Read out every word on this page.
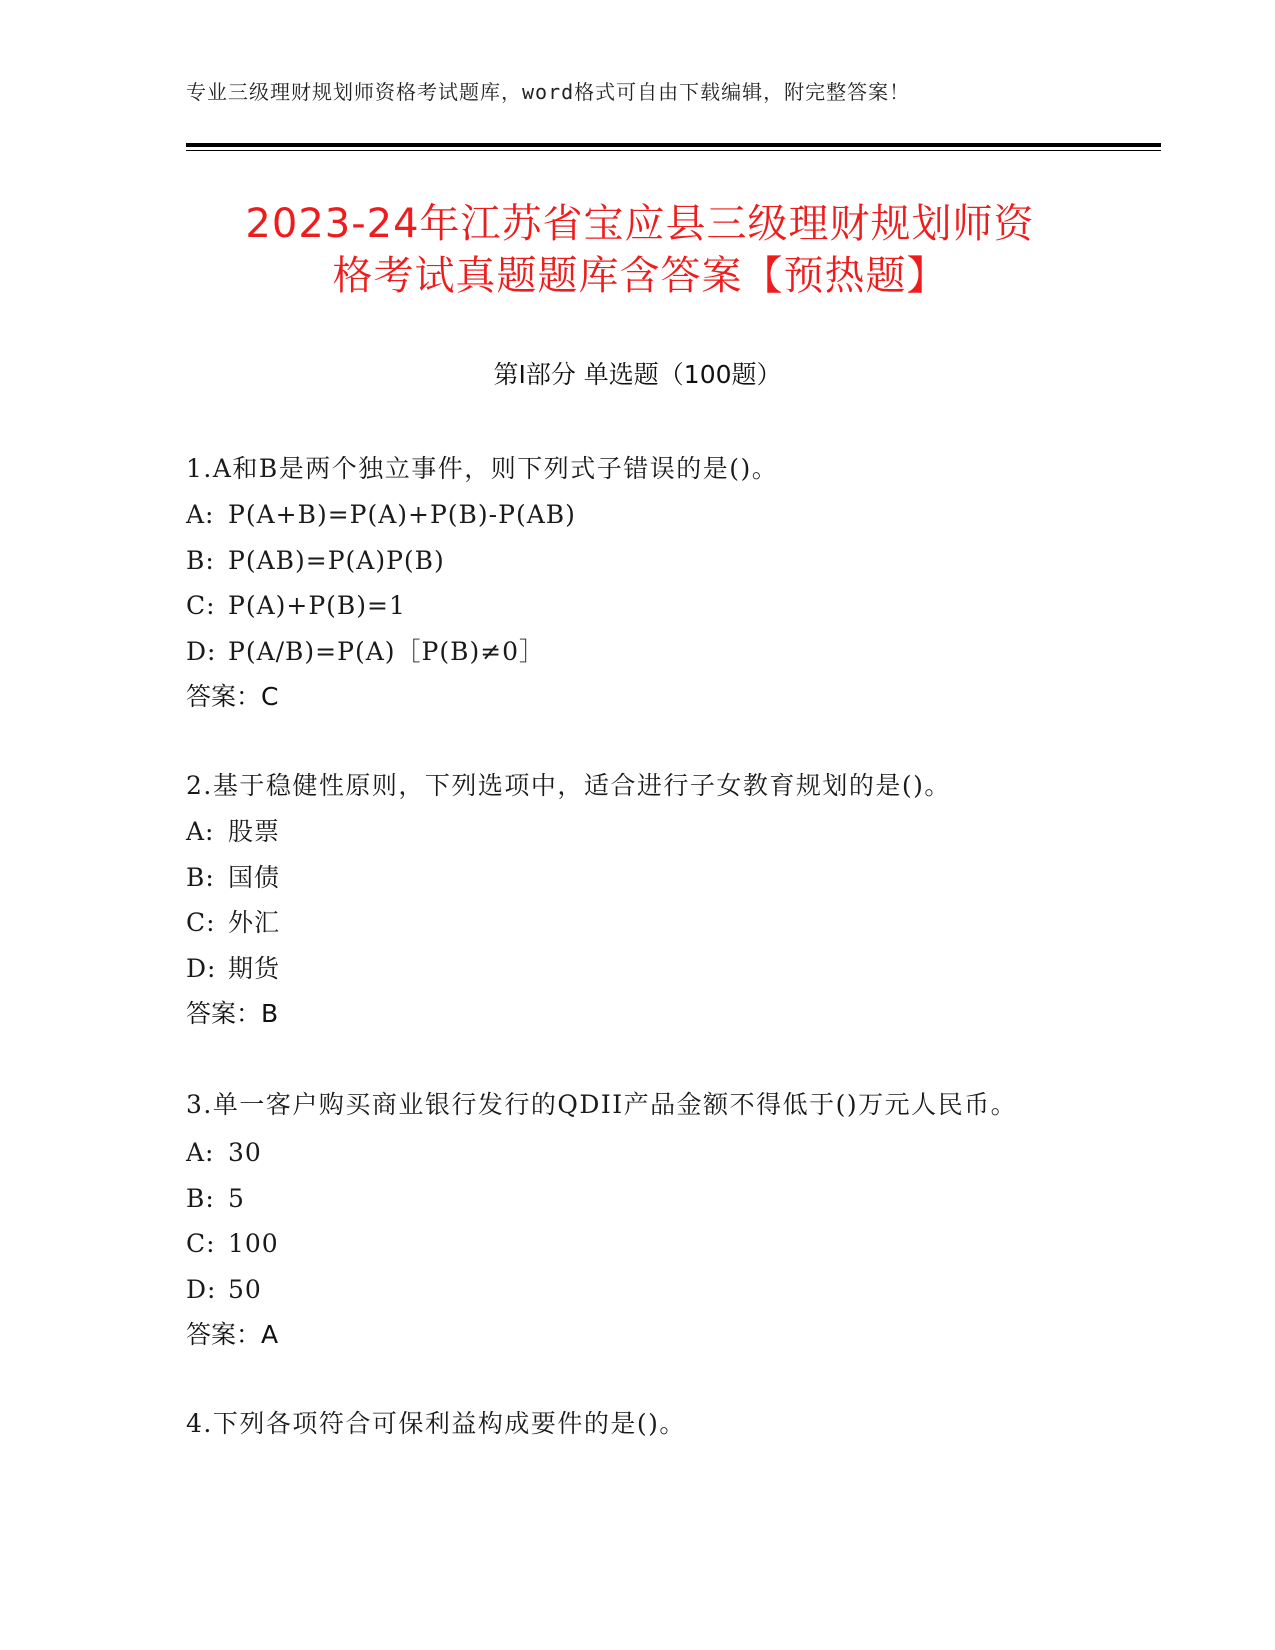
专业三级理财规划师资格考试题库，word格式可自由下载编辑，附完整答案！
2023-24年江苏省宝应县三级理财规划师资
格考试真题题库含答案【预热题】
第Ⅰ部分 单选题（100题）
1.A和B是两个独立事件，则下列式子错误的是()。
A: P(A+B)=P(A)+P(B)-P(AB)
B: P(AB)=P(A)P(B)
C: P(A)+P(B)=1
D: P(A/B)=P(A)［P(B)≠0］
答案：C
2.基于稳健性原则，下列选项中，适合进行子女教育规划的是()。
A: 股票
B: 国债
C: 外汇
D: 期货
答案：B
3.单一客户购买商业银行发行的QDII产品金额不得低于()万元人民币。
A: 30
B: 5
C: 100
D: 50
答案：A
4.下列各项符合可保利益构成要件的是()。
